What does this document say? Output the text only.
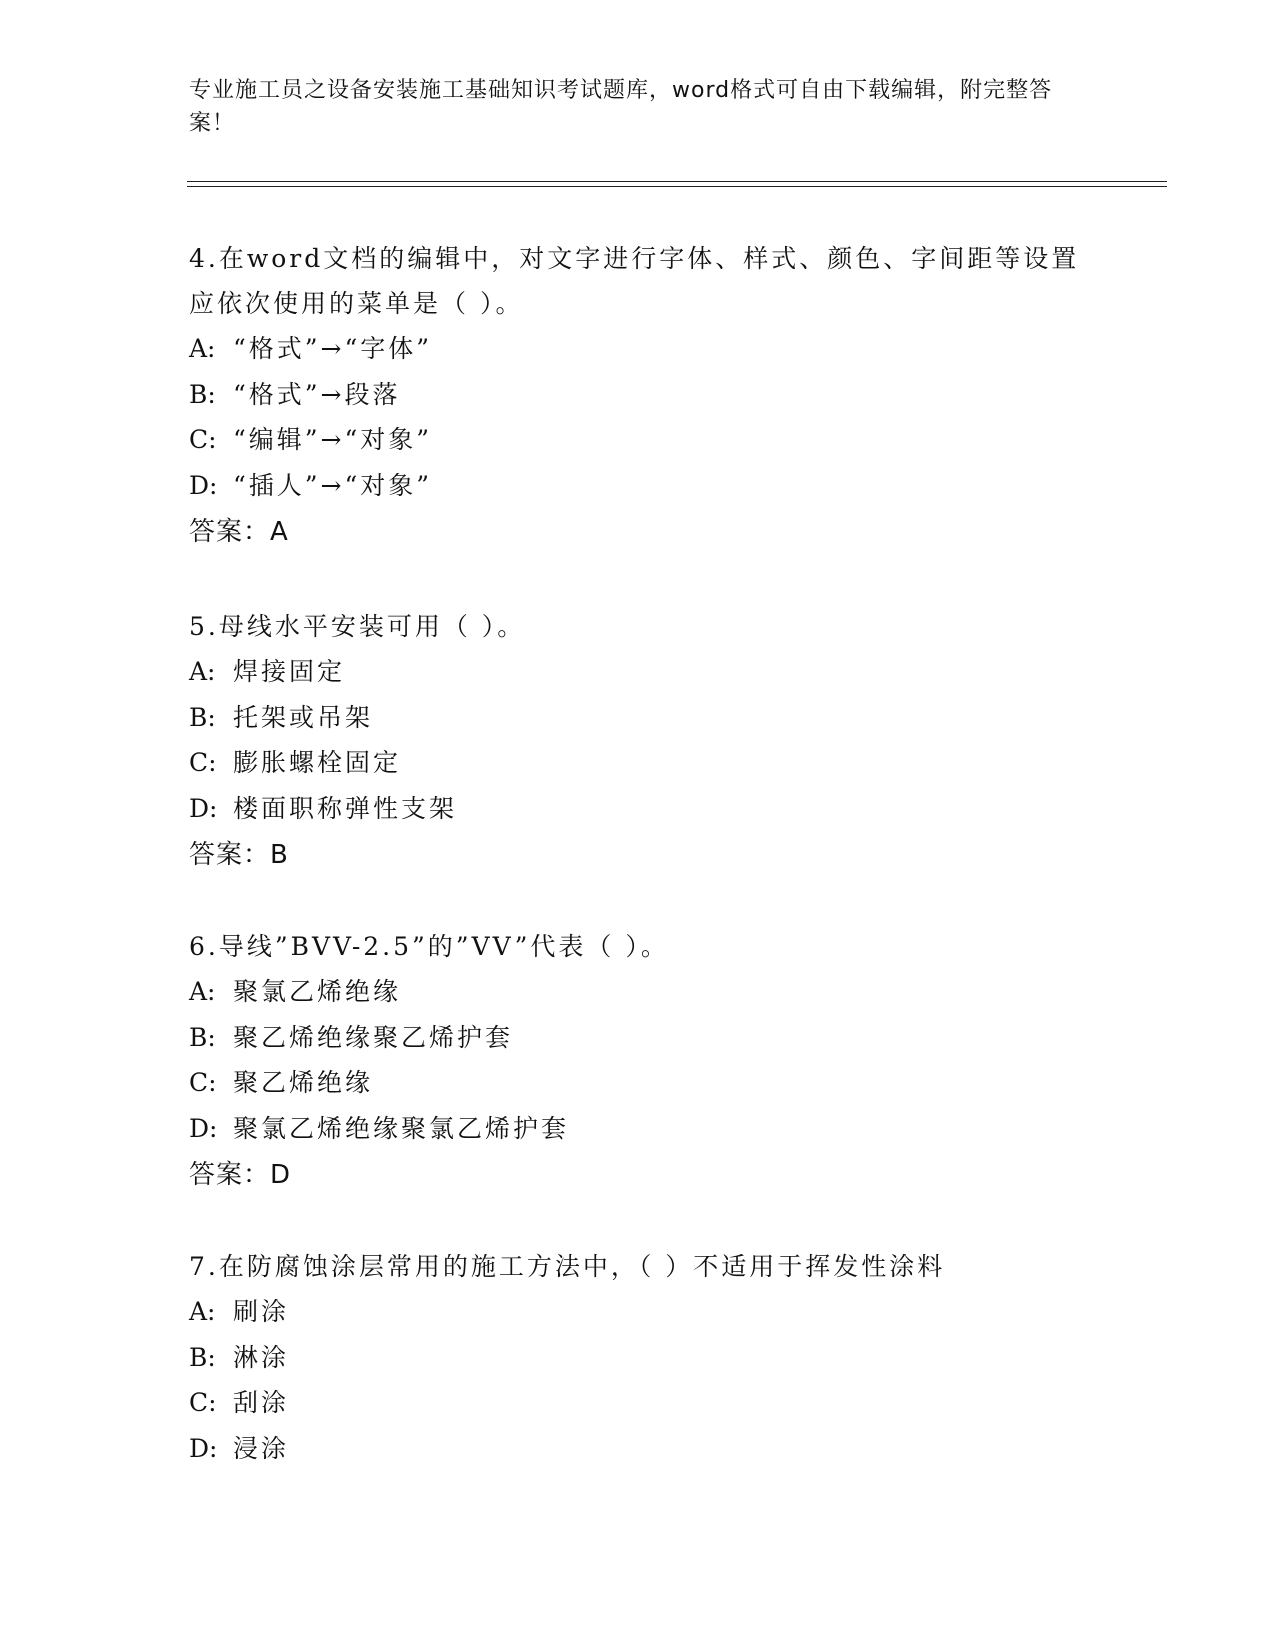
专业施工员之设备安装施工基础知识考试题库，word格式可自由下载编辑，附完整答案！

4.在word文档的编辑中，对文字进行字体、样式、颜色、字间距等设置应依次使用的菜单是（ ）。

A: “格式”→“字体”
B: “格式”→段落
C: “编辑”→“对象”
D: “插人”→“对象”
答案：A

5.母线水平安装可用（ ）。

A: 焊接固定
B: 托架或吊架
C: 膨胀螺栓固定
D: 楼面职称弹性支架
答案：B

6.导线”BVV-2.5”的”VV”代表（ ）。

A: 聚氯乙烯绝缘
B: 聚乙烯绝缘聚乙烯护套
C: 聚乙烯绝缘
D: 聚氯乙烯绝缘聚氯乙烯护套
答案：D

7.在防腐蚀涂层常用的施工方法中，（ ）不适用于挥发性涂料

A: 刷涂
B: 淋涂
C: 刮涂
D: 浸涂
